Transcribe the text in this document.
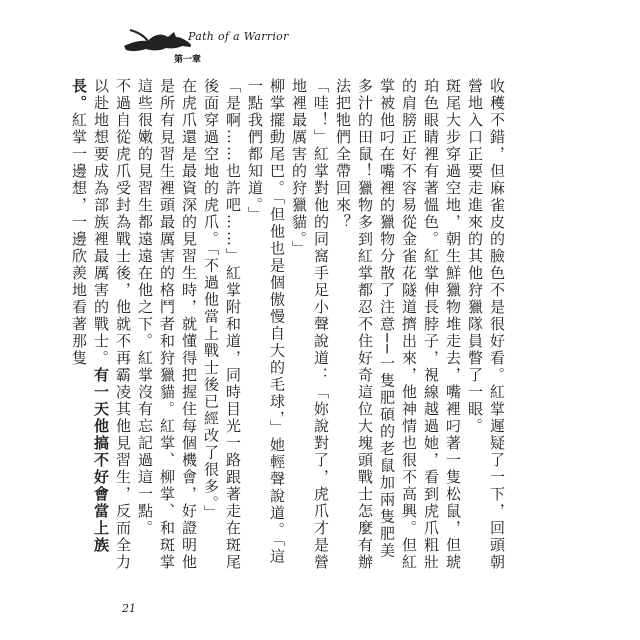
Path of a Warrior
第一章

收穫不錯，但麻雀皮的臉色不是很好看。紅掌遲疑了一下，回頭朝營地入口正要走進來的其他狩獵隊員瞥了一眼。

斑尾大步穿過空地，朝生鮮獵物堆走去，嘴裡叼著一隻松鼠，但琥珀色眼睛裡有著慍色。紅掌伸長脖子，視線越過她，看到虎爪粗壯的肩膀正好不容易從金雀花隧道擠出來，他神情也很不高興。但紅掌被他叼在嘴裡的獵物分散了注意──一隻肥碩的老鼠加兩隻肥美多汁的田鼠！獵物多到紅掌都忍不住好奇這位大塊頭戰士怎麼有辦法把牠們全帶回來？

「哇！」紅掌對他的同窩手足小聲說道：「妳說對了，虎爪才是營地裡最厲害的狩獵貓。」

柳掌擺動尾巴。「但他也是個傲慢自大的毛球，」她輕聲說道。「這一點我們都知道。」

「是啊……也許吧……」紅掌附和道，同時目光一路跟著走在斑尾後面穿過空地的虎爪。「不過他當上戰士後已經改了很多。」

在虎爪還是最資深的見習生時，就懂得把握住每個機會，好證明他是所有見習生裡頭最厲害的格鬥者和狩獵貓。紅掌、柳掌、和斑掌這些很嫩的見習生都遠遠在他之下。紅掌沒有忘記過這一點。

不過自從虎爪受封為戰士後，他就不再霸凌其他見習生，反而全力以赴地想要成為部族裡最厲害的戰士。有一天他搞不好會當上族長。紅掌一邊想，一邊欣羨地看著那隻

21
